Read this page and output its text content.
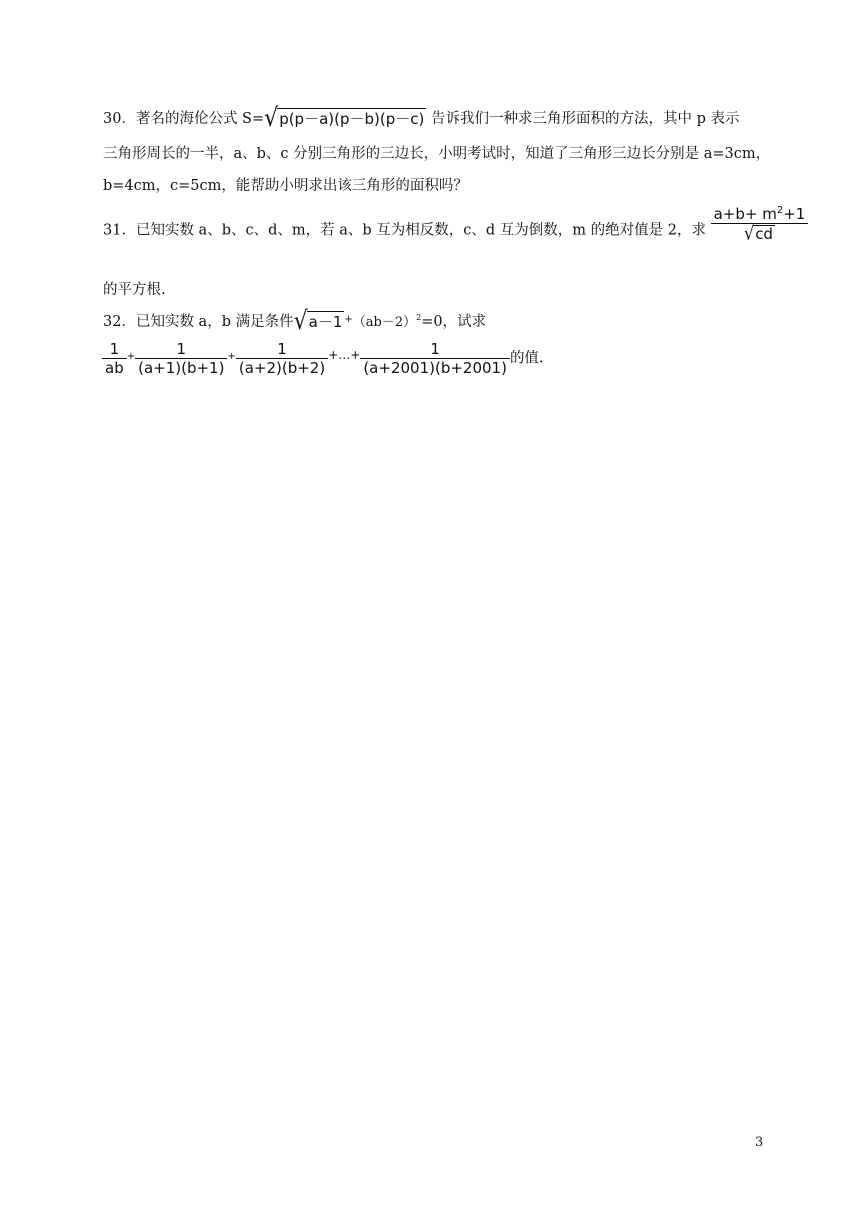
30．著名的海伦公式 S= √ p(p－a)(p－b)(p－c) 告诉我们一种求三角形面积的方法，其中 p 表示
三角形周长的一半，a、b、c 分别三角形的三边长，小明考试时，知道了三角形三边长分别是 a=3cm，
b=4cm，c=5cm，能帮助小明求出该三角形的面积吗？
31．已知实数 a、b、c、d、m，若 a、b 互为相反数，c、d 互为倒数，m 的绝对值是 2，求 $\frac{a+b+ m^2+1}{√ cd}$
的平方根.
32．已知实数 a，b 满足条件 √ a－1 $^+(ab-2)^2=0$，试求
$\frac{1}{ab} ^+ \frac{1}{(a+1)(b+1)} ^+ \frac{1}{(a+2)(b+2)} ^{+\dots+} \frac{1}{(a+2001)(b+2001)}$ 的值.
3
